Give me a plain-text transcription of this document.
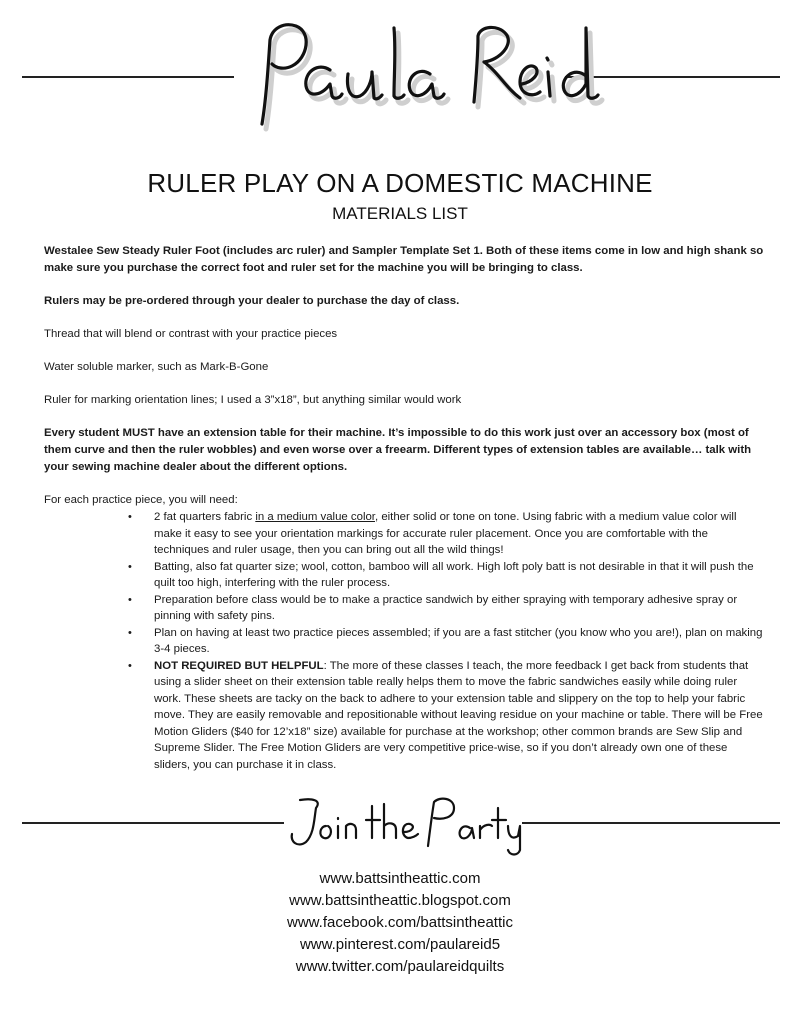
RULER PLAY ON A DOMESTIC MACHINE
MATERIALS LIST

Westalee Sew Steady Ruler Foot (includes arc ruler) and Sampler Template Set 1. Both of these items come in low and high shank so make sure you purchase the correct foot and ruler set for the machine you will be bringing to class.

Rulers may be pre-ordered through your dealer to purchase the day of class.

Thread that will blend or contrast with your practice pieces

Water soluble marker, such as Mark-B-Gone

Ruler for marking orientation lines; I used a 3”x18”, but anything similar would work

Every student MUST have an extension table for their machine. It’s impossible to do this work just over an accessory box (most of them curve and then the ruler wobbles) and even worse over a freearm. Different types of extension tables are available… talk with your sewing machine dealer about the different options.

For each practice piece, you will need:

• 2 fat quarters fabric in a medium value color, either solid or tone on tone. Using fabric with a medium value color will make it easy to see your orientation markings for accurate ruler placement. Once you are comfortable with the techniques and ruler usage, then you can bring out all the wild things!
• Batting, also fat quarter size; wool, cotton, bamboo will all work. High loft poly batt is not desirable in that it will push the quilt too high, interfering with the ruler process.
• Preparation before class would be to make a practice sandwich by either spraying with temporary adhesive spray or pinning with safety pins.
• Plan on having at least two practice pieces assembled; if you are a fast stitcher (you know who you are!), plan on making 3-4 pieces.
• NOT REQUIRED BUT HELPFUL: The more of these classes I teach, the more feedback I get back from students that using a slider sheet on their extension table really helps them to move the fabric sandwiches easily while doing ruler work. These sheets are tacky on the back to adhere to your extension table and slippery on the top to help your fabric move. They are easily removable and repositionable without leaving residue on your machine or table. There will be Free Motion Gliders ($40 for 12’x18” size) available for purchase at the workshop; other common brands are Sew Slip and Supreme Slider. The Free Motion Gliders are very competitive price-wise, so if you don’t already own one of these sliders, you can purchase it in class.
www.battsintheattic.com
www.battsintheattic.blogspot.com
www.facebook.com/battsintheattic
www.pinterest.com/paulareid5
www.twitter.com/paulareidquilts
